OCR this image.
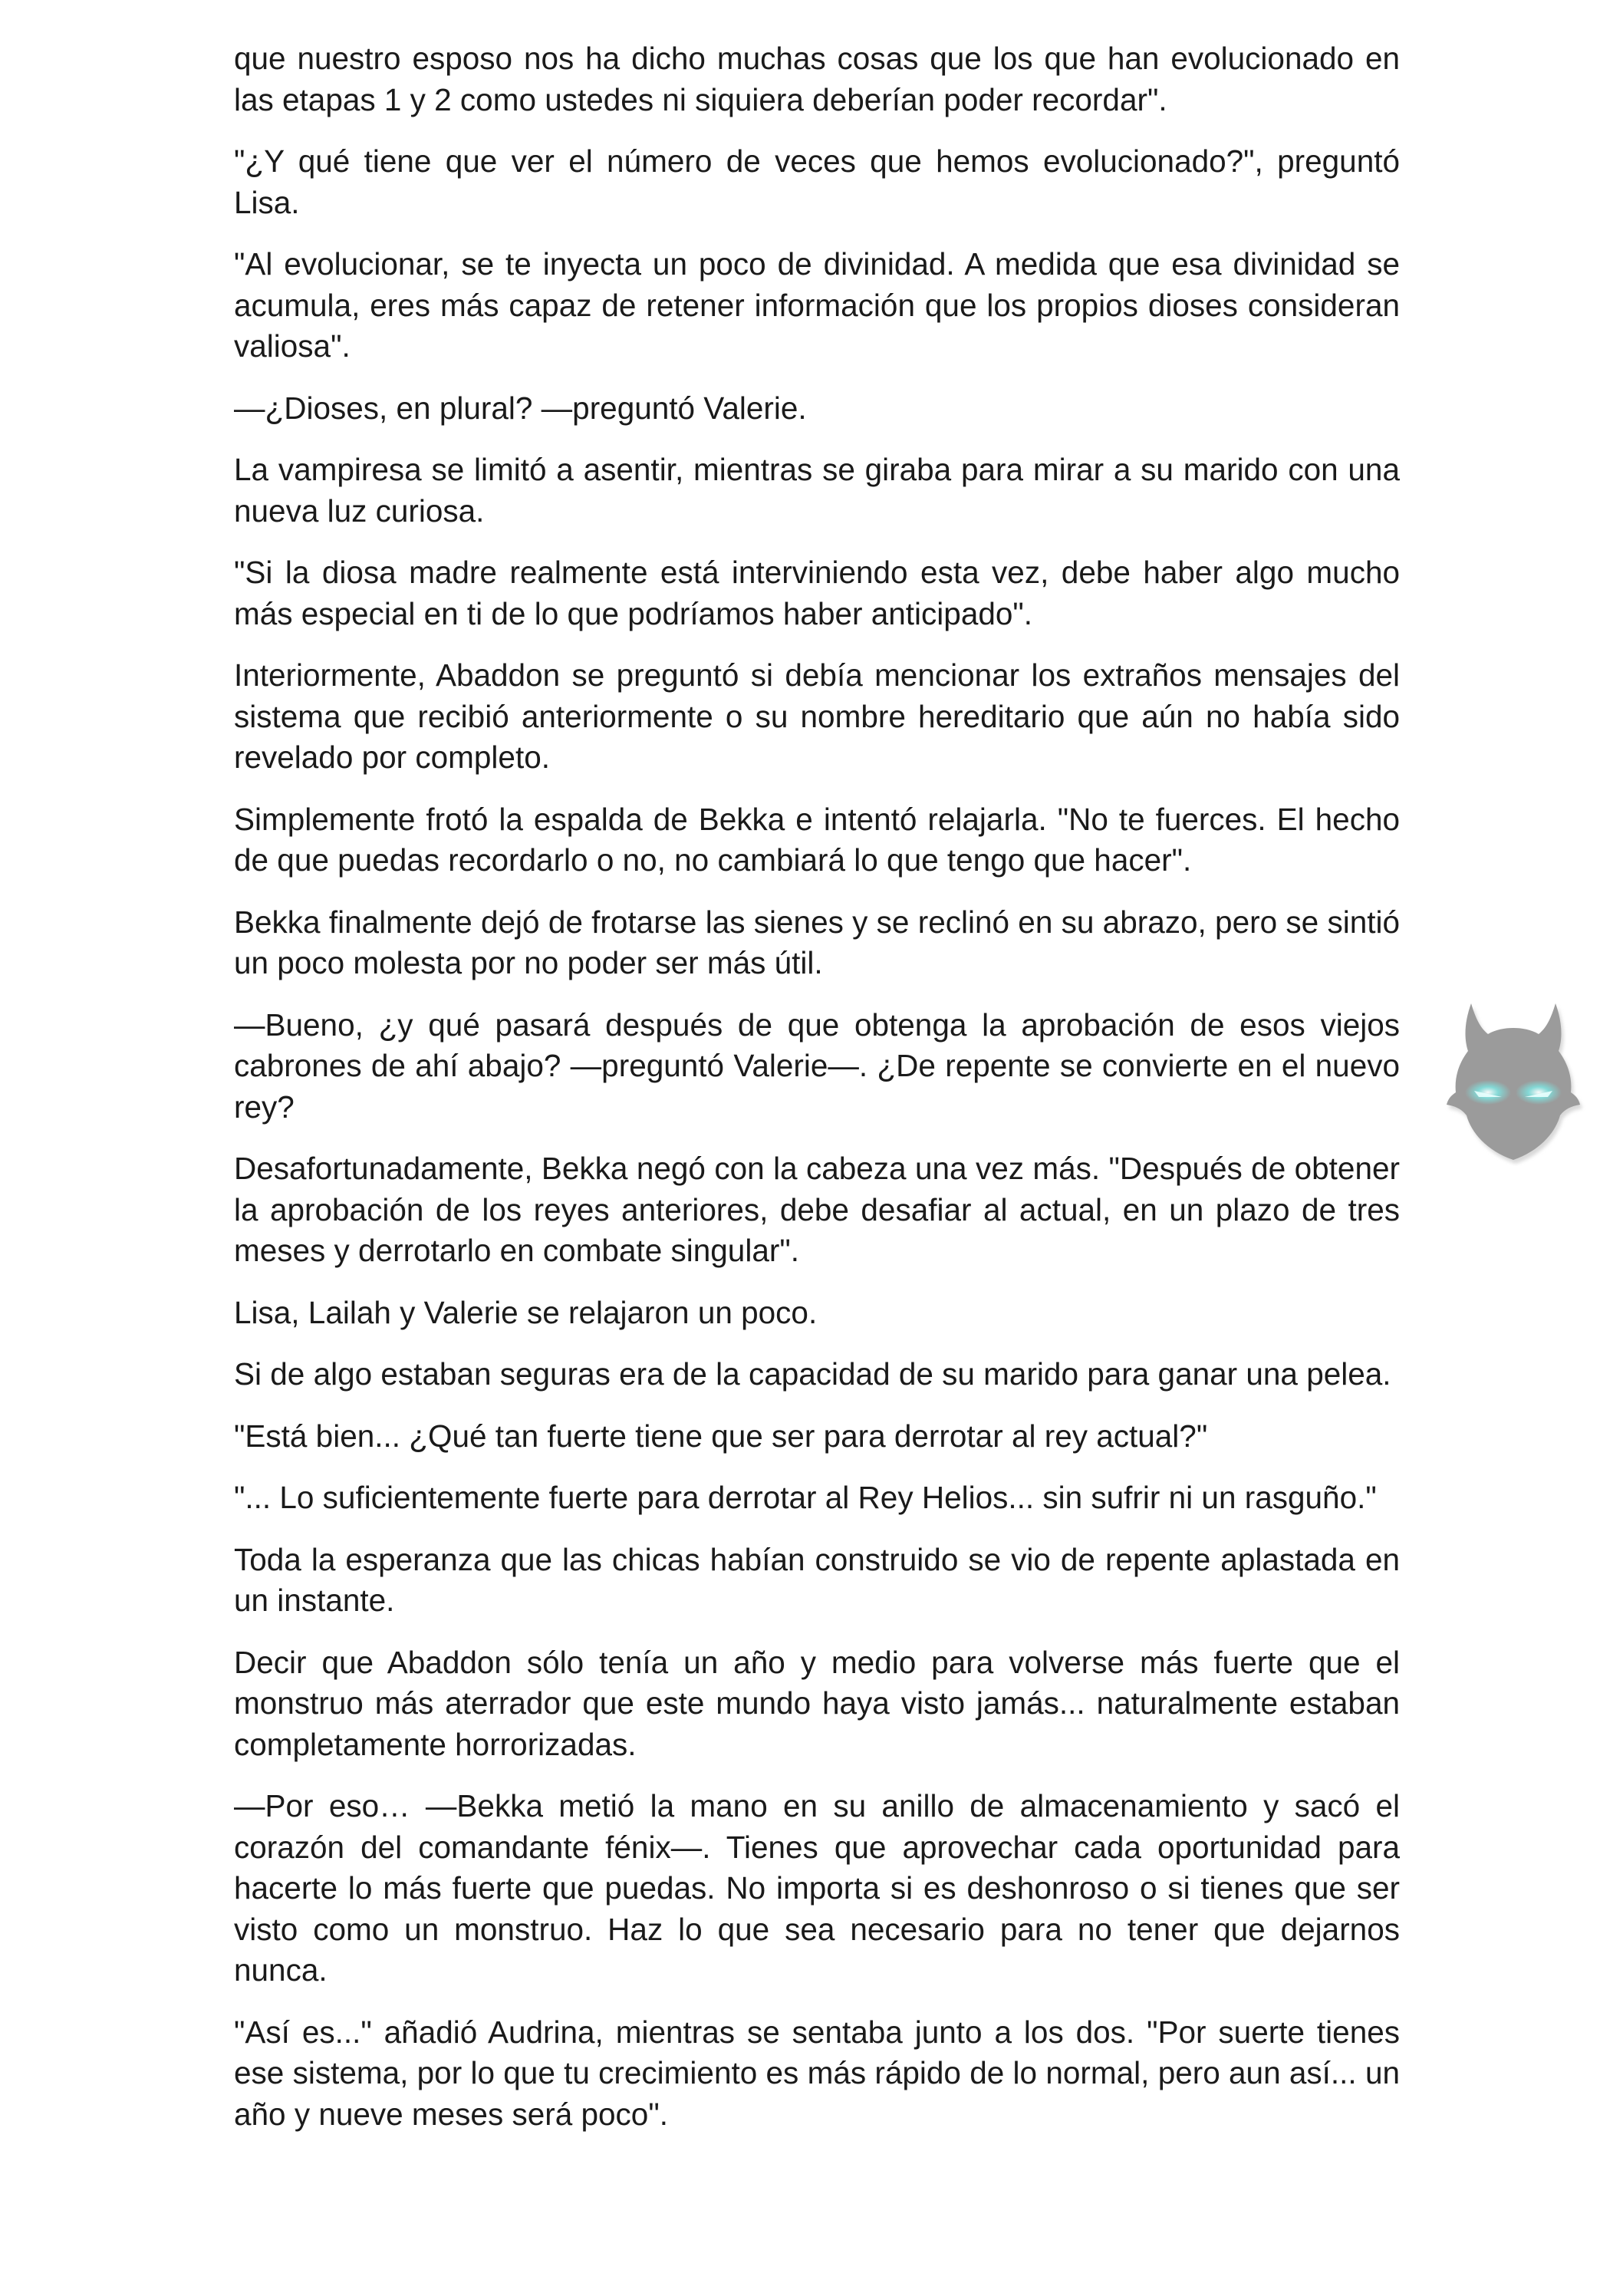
que nuestro esposo nos ha dicho muchas cosas que los que han evolucionado en las etapas 1 y 2 como ustedes ni siquiera deberían poder recordar".

"¿Y qué tiene que ver el número de veces que hemos evolucionado?", preguntó Lisa.

"Al evolucionar, se te inyecta un poco de divinidad. A medida que esa divinidad se acumula, eres más capaz de retener información que los propios dioses consideran valiosa".

—¿Dioses, en plural? —preguntó Valerie.

La vampiresa se limitó a asentir, mientras se giraba para mirar a su marido con una nueva luz curiosa.

"Si la diosa madre realmente está interviniendo esta vez, debe haber algo mucho más especial en ti de lo que podríamos haber anticipado".

Interiormente, Abaddon se preguntó si debía mencionar los extraños mensajes del sistema que recibió anteriormente o su nombre hereditario que aún no había sido revelado por completo.

Simplemente frotó la espalda de Bekka e intentó relajarla. "No te fuerces. El hecho de que puedas recordarlo o no, no cambiará lo que tengo que hacer".

Bekka finalmente dejó de frotarse las sienes y se reclinó en su abrazo, pero se sintió un poco molesta por no poder ser más útil.

—Bueno, ¿y qué pasará después de que obtenga la aprobación de esos viejos cabrones de ahí abajo? —preguntó Valerie—. ¿De repente se convierte en el nuevo rey?

Desafortunadamente, Bekka negó con la cabeza una vez más. "Después de obtener la aprobación de los reyes anteriores, debe desafiar al actual, en un plazo de tres meses y derrotarlo en combate singular".

Lisa, Lailah y Valerie se relajaron un poco.

Si de algo estaban seguras era de la capacidad de su marido para ganar una pelea.

"Está bien... ¿Qué tan fuerte tiene que ser para derrotar al rey actual?"

"... Lo suficientemente fuerte para derrotar al Rey Helios... sin sufrir ni un rasguño."

Toda la esperanza que las chicas habían construido se vio de repente aplastada en un instante.

Decir que Abaddon sólo tenía un año y medio para volverse más fuerte que el monstruo más aterrador que este mundo haya visto jamás... naturalmente estaban completamente horrorizadas.

—Por eso… —Bekka metió la mano en su anillo de almacenamiento y sacó el corazón del comandante fénix—. Tienes que aprovechar cada oportunidad para hacerte lo más fuerte que puedas. No importa si es deshonroso o si tienes que ser visto como un monstruo. Haz lo que sea necesario para no tener que dejarnos nunca.

"Así es..." añadió Audrina, mientras se sentaba junto a los dos. "Por suerte tienes ese sistema, por lo que tu crecimiento es más rápido de lo normal, pero aun así... un año y nueve meses será poco".
